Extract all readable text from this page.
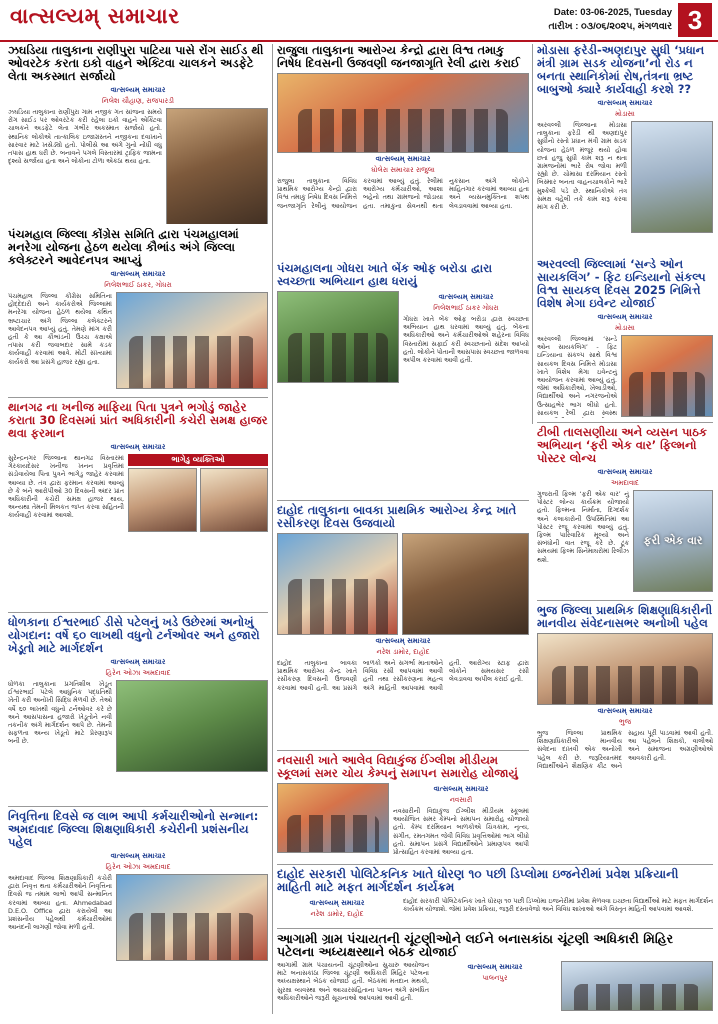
વાત્સલ્યમ્ સમાચાર	Date: 03-06-2025, Tuesday
તારીખ : ૦૩/૦૬/૨૦૨૫, મંગળવાર 3
ઝઘડિયા તાલુકાના રાણીપુરા પાટિયા પાસે રોંગ સાઈડ થી ઓવરટેક કરતા ઇકો વાહને એક્ટિવા ચાલકને અડફેટે લેતા અકસ્માત સર્જાયો
વાત્સલ્યમ્ સમાચાર
નિલેશ ચૌહાણ, રાજપારડી
ઝઘડિયા તાલુકાના રાણીપુરા ગામ નજીક ગત સાંજના સમયે રોંગ સાઈડ પર ઓવરટેક કરી રહેલા ઇકો વાહને એક્ટિવા ચાલકને અડફેટે લેતા ગંભીર અકસ્માત સર્જાયો હતો. સ્થાનિક લોકોએ તાત્કાલિક ઇજાગ્રસ્તને નજીકના દવાખાને સારવાર માટે ખસેડ્યો હતો. પોલીસે આ અંગે ગુનો નોંધી વધુ તપાસ હાથ ધરી છે. બનાવને પગલે વિસ્તારમાં ટ્રાફિક જામના દૃશ્યો સર્જાયા હતા અને લોકોના ટોળા એકઠા થયા હતા.
રાજુલા તાલુકાના આરોગ્ય કેન્દ્રો દ્વારા વિશ્વ તમાકુ નિષેધ દિવસની ઉજવણી જનજાગૃતિ રેલી દ્વારા કરાઈ
વાત્સલ્યમ્ સમાચાર
ઘોલેરા સમાચાર રાજુલા
રાજુલા તાલુકાના વિવિધ પ્રાથમિક આરોગ્ય કેન્દ્રો દ્વારા વિશ્વ તમાકુ નિષેધ દિવસ નિમિત્તે જનજાગૃતિ રેલીનું આયોજન કરવામાં આવ્યું હતું. રેલીમાં આરોગ્ય કર્મચારીઓ, આશા બહેનો તથા ગ્રામજનો જોડાયા હતા. તમાકુના સેવનથી થતા નુકસાન અંગે લોકોને માહિતગાર કરવામાં આવ્યા હતા અને વ્યસનમુક્તિના શપથ લેવડાવવામાં આવ્યા હતા.
મોડાસા ફરેડી-અણદાપુર સુધી ‘પ્રધાન મંત્રી ગ્રામ સડક યોજના’નો રોડ ન બનતા સ્થાનિકોમાં રોષ,તંત્રના ભ્રષ્ટ બાબુઓ ક્યારે કાર્યવાહી કરશે ??
વાત્સલ્યમ્ સમાચાર
મોડાસા
અરવલ્લી જિલ્લાના મોડાસા તાલુકાના ફરેડી થી અણદાપુર સુધીનો રસ્તો પ્રધાન મંત્રી ગ્રામ સડક યોજના હેઠળ મંજૂર થયો હોવા છતાં હજુ સુધી કામ શરૂ ન થતા ગ્રામજનોમાં ભારે રોષ જોવા મળી રહ્યો છે. ચોમાસા દરમિયાન રસ્તો બિસ્માર બનતા વાહનચાલકોને ભારે મુશ્કેલી પડે છે. સ્થાનિકોએ તંત્ર સમક્ષ વહેલી તકે કામ શરૂ કરવા માંગ કરી છે.
પંચમહાલ જિલ્લા કોંગ્રેસ સમિતિ દ્વારા પંચમહાલમાં મનરેગા યોજના હેઠળ થયેલા કૌભાંડ અંગે જિલ્લા કલેક્ટરને આવેદનપત્ર આપ્યું
વાત્સલ્યમ્ સમાચાર
નિલેશભાઈ ઠાકર, ગોધરા
પંચમહાલ જિલ્લા કોંગ્રેસ સમિતિના હોદ્દેદારો અને કાર્યકરોએ જિલ્લામાં મનરેગા યોજના હેઠળ થયેલા કથિત ભ્રષ્ટાચાર અંગે જિલ્લા કલેક્ટરને આવેદનપત્ર આપ્યું હતું. તેમણે માંગ કરી હતી કે આ કૌભાંડની ઉચ્ચ કક્ષાએ તપાસ કરી જવાબદાર સામે કડક કાર્યવાહી કરવામાં આવે. મોટી સંખ્યામાં કાર્યકરો આ પ્રસંગે હાજર રહ્યા હતા.
પંચમહાલના ગોધરા ખાતે બેંક ઓફ બરોડા દ્વારા સ્વચ્છતા અભિયાન હાથ ધરાયું
વાત્સલ્યમ્ સમાચાર
નિલેશભાઈ ઠાકર ગોધરા
ગોધરા ખાતે બેંક ઓફ બરોડા દ્વારા સ્વચ્છતા અભિયાન હાથ ધરવામાં આવ્યું હતું. બેંકના અધિકારીઓ અને કર્મચારીઓએ શહેરના વિવિધ વિસ્તારોમાં સફાઈ કરી સ્વચ્છતાનો સંદેશ આપ્યો હતો. લોકોને પોતાની આસપાસ સ્વચ્છતા જાળવવા અપીલ કરવામાં આવી હતી.
અરવલ્લી જિલ્લામાં ‘સન્ડે ઓન સાયકલિંગ’ - ફિટ ઇન્ડિયાનો સંકલ્પ વિશ્વ સાયકલ દિવસ 2025 નિમિત્તે વિશેષ મેગા ઇવેન્ટ યોજાઈ
વાત્સલ્યમ્ સમાચાર
મોડાસા
અરવલ્લી જિલ્લામાં ‘સન્ડે ઓન સાયકલિંગ’ - ફિટ ઇન્ડિયાના સંકલ્પ સાથે વિશ્વ સાયકલ દિવસ નિમિત્તે મોડાસા ખાતે વિશેષ મેગા ઇવેન્ટનું આયોજન કરવામાં આવ્યું હતું. જેમાં અધિકારીઓ, ખેલાડીઓ, વિદ્યાર્થીઓ અને નગરજનોએ ઉત્સાહભેર ભાગ લીધો હતો. સાયકલ રેલી દ્વારા સ્વસ્થ
ટીબી તાલસણીયા અને વ્યસન પાઠક અભિયાન ‘ફરી એક વાર’ ફિલ્મનો પોસ્ટર લોન્ચ
વાત્સલ્યમ્ સમાચાર
અમદાવાદ
ગુજરાતી ફિલ્મ ‘ફરી એક વાર’ નું પોસ્ટર લોન્ચ કાર્યક્રમ યોજાયો હતો. ફિલ્મના નિર્માતા, દિગ્દર્શક અને કલાકારોની ઉપસ્થિતિમાં આ પોસ્ટર રજૂ કરવામાં આવ્યું હતું. ફિલ્મ પારિવારિક મૂલ્યો અને સંબંધોની વાત રજૂ કરે છે. ટૂંક સમયમાં ફિલ્મ સિનેમાઘરોમાં રિલીઝ થશે.
ફરી એક વાર
થાનગઢ ના ખનીજ માફિયા પિતા પુત્રને ભગોડું જાહેર કરાતા 30 દિવસમાં પ્રાંત અધિકારીની કચેરી સમક્ષ હાજર થવા ફરમાન
વાત્સલ્યમ્ સમાચાર
સુરેન્દ્રનગર જિલ્લાના થાનગઢ વિસ્તારમાં ગેરકાયદેસર ખનીજ ખનન પ્રવૃત્તિમાં સંડોવાયેલા પિતા પુત્રને ભાગેડુ જાહેર કરવામાં આવ્યા છે. તંત્ર દ્વારા ફરમાન કરવામાં આવ્યું છે કે બંને આરોપીઓ 30 દિવસની અંદર પ્રાંત અધિકારીની કચેરી સમક્ષ હાજર થાય, અન્યથા તેમની મિલકત જપ્ત કરવા સહિતની કાર્યવાહી કરવામાં આવશે.
ભાગેડુ વ્યક્તિઓ
દાહોદ તાલુકાના બાવકા પ્રાથમિક આરોગ્ય કેન્દ્ર ખાતે રસીકરણ દિવસ ઉજવાયો
વાત્સલ્યમ્ સમાચાર
નરેશ ડામોર, દાહોદ
દાહોદ તાલુકાના બાવકા પ્રાથમિક આરોગ્ય કેન્દ્ર ખાતે રસીકરણ દિવસની ઉજવણી કરવામાં આવી હતી. આ પ્રસંગે બાળકો અને સગર્ભા માતાઓને વિવિધ રસી આપવામાં આવી હતી તથા રસીકરણના મહત્વ અંગે માહિતી આપવામાં આવી હતી. આરોગ્ય સ્ટાફ દ્વારા લોકોને સમયસર રસી લેવડાવવા અપીલ કરાઈ હતી.
ધોળકાના ઈશ્વરભાઈ ડીસે પટેલનું ખડે ઉછેરમાં અનોખું યોગદાન: વર્ષે ૬૦ લાખથી વધુનો ટર્નઓવર અને હજારો ખેડૂતો માટે માર્ગદર્શન
વાત્સલ્યમ્ સમાચાર
હિરેન ઓઝા અમદાવાદ
ધોળકા તાલુકાના પ્રગતિશીલ ખેડૂત ઈશ્વરભાઈ પટેલે આધુનિક પદ્ધતિથી ખેતી કરી અનોખી સિદ્ધિ મેળવી છે. તેઓ વર્ષે ૬૦ લાખથી વધુનો ટર્નઓવર કરે છે અને આસપાસના હજારો ખેડૂતોને નવી તકનીક અંગે માર્ગદર્શન આપે છે. તેમની સફળતા અન્ય ખેડૂતો માટે પ્રેરણારૂપ બની છે.
ભુજ જિલ્લા પ્રાથમિક શિક્ષણાધિકારીની માનવીય સંવેદનાસભર અનોખી પહેલ
વાત્સલ્યમ્ સમાચાર
ભુજ
ભુજ જિલ્લા પ્રાથમિક શિક્ષણાધિકારીએ માનવીય સંવેદના દાખવી એક અનોખી પહેલ કરી છે. જરૂરિયાતમંદ વિદ્યાર્થીઓને શૈક્ષણિક કીટ અને સહાય પૂરી પાડવામાં આવી હતી. આ પહેલને શિક્ષકો, વાલીઓ અને સમાજના અગ્રણીઓએ આવકારી હતી.
નવસારી ખાતે આલેવ વિદ્યાકુંજ ઈંગ્લીશ મીડીયમ સ્કૂલમાં સમર ચોય કેમ્પનું સમાપન સમારોહ યોજાયું
વાત્સલ્યમ્ સમાચાર
નવસારી
નવસારીની વિદ્યાકુંજ ઈંગ્લીશ મીડીયમ સ્કૂલમાં આયોજિત સમર કેમ્પનો સમાપન સમારોહ યોજાયો હતો. કેમ્પ દરમિયાન બાળકોએ ચિત્રકામ, નૃત્ય, સંગીત, રમતગમત જેવી વિવિધ પ્રવૃત્તિઓમાં ભાગ લીધો હતો. સમાપન પ્રસંગે વિદ્યાર્થીઓને પ્રમાણપત્ર આપી પ્રોત્સાહિત કરવામાં આવ્યા હતા.
નિવૃત્તિના દિવસે જ લાભ આપી કર્મચારીઓનો સન્માન: અમદાવાદ જિલ્લા શિક્ષણાધિકારી કચેરીની પ્રશંસનીય પહેલ
વાત્સલ્યમ્ સમાચાર
હિરેન ઓઝા અમદાવાદ
અમદાવાદ જિલ્લા શિક્ષણાધિકારી કચેરી દ્વારા નિવૃત્ત થતા કર્મચારીઓને નિવૃત્તિના દિવસે જ તમામ લાભો આપી સન્માનિત કરવામાં આવ્યા હતા. Ahmedabad D.E.O. Office દ્વારા કરાયેલી આ પ્રશંસનીય પહેલથી કર્મચારીઓમાં આનંદની લાગણી જોવા મળી હતી.
દાહોદ સરકારી પોલિટેકનિક ખાતે ધોરણ ૧૦ પછી ડિપ્લોમા ઇજનેરીમાં પ્રવેશ પ્રક્રિયાની માહિતી માટે મફત માર્ગદર્શન કાર્યક્રમ
વાત્સલ્યમ્ સમાચાર
નરેશ ડામોર, દાહોદ
દાહોદ સરકારી પોલિટેકનિક ખાતે ધોરણ ૧૦ પછી ડિપ્લોમા ઇજનેરીમાં પ્રવેશ મેળવવા ઇચ્છતા વિદ્યાર્થીઓ માટે મફત માર્ગદર્શન કાર્યક્રમ યોજાશે. જેમાં પ્રવેશ પ્રક્રિયા, જરૂરી દસ્તાવેજો અને વિવિધ શાખાઓ અંગે વિસ્તૃત માહિતી આપવામાં આવશે.
આગામી ગ્રામ પંચાયતની ચૂંટણીઓને લઈને બનાસકાંઠા ચૂંટણી અધિકારી મિહિર પટેલના અધ્યક્ષસ્થાને બેઠક યોજાઈ
આગામી ગ્રામ પંચાયતની ચૂંટણીઓના સુચારુ આયોજન માટે બનાસકાંઠા જિલ્લા ચૂંટણી અધિકારી મિહિર પટેલના અધ્યક્ષસ્થાને બેઠક યોજાઈ હતી. બેઠકમાં મતદાન મથકો, સુરક્ષા વ્યવસ્થા અને આચારસંહિતાના પાલન અંગે સંબંધિત અધિકારીઓને જરૂરી સૂચનાઓ આપવામાં આવી હતી.
વાત્સલ્યમ્ સમાચાર
પાલનપુર
